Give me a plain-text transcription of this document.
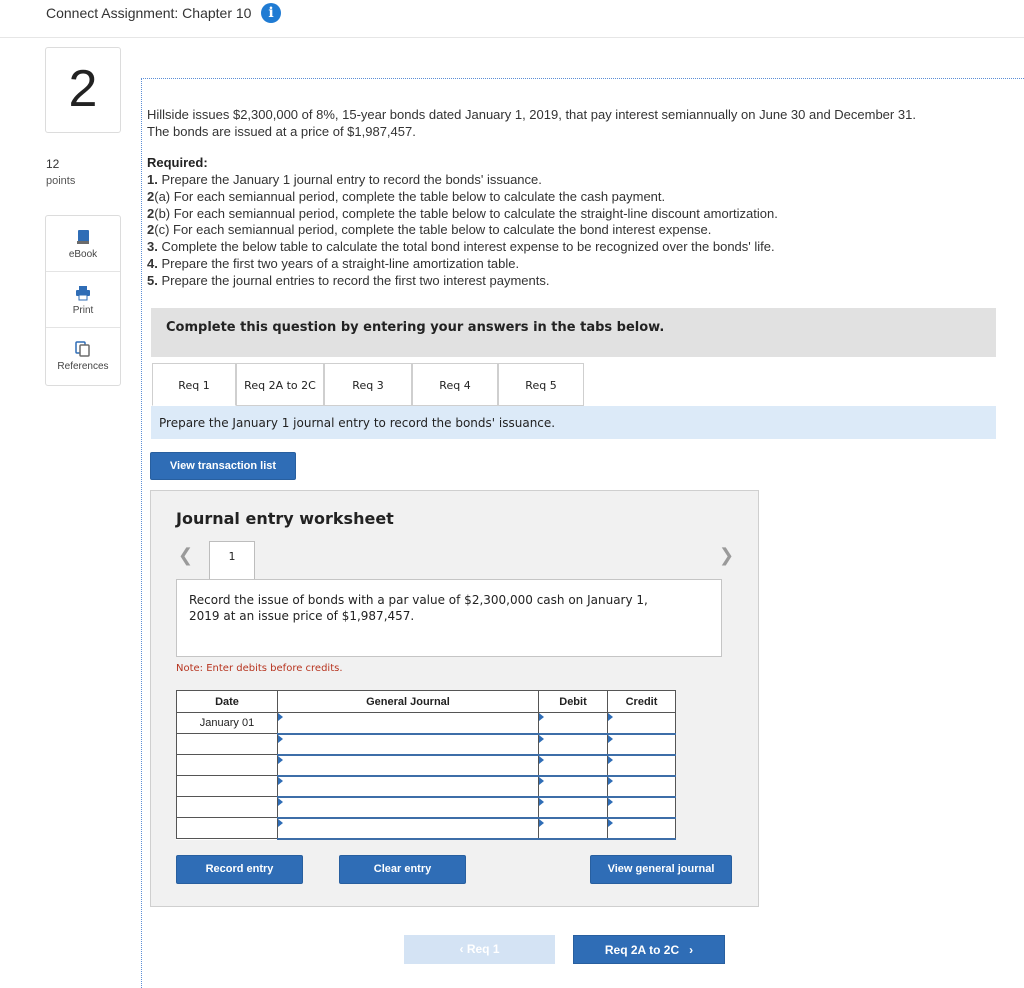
Connect Assignment: Chapter 10	i
2
12
points
eBook
Print
References
Hillside issues $2,300,000 of 8%, 15-year bonds dated January 1, 2019, that pay interest semiannually on June 30 and December 31.
The bonds are issued at a price of $1,987,457.
Required:
1. Prepare the January 1 journal entry to record the bonds' issuance.
2(a) For each semiannual period, complete the table below to calculate the cash payment.
2(b) For each semiannual period, complete the table below to calculate the straight-line discount amortization.
2(c) For each semiannual period, complete the table below to calculate the bond interest expense.
3. Complete the below table to calculate the total bond interest expense to be recognized over the bonds' life.
4. Prepare the first two years of a straight-line amortization table.
5. Prepare the journal entries to record the first two interest payments.
Complete this question by entering your answers in the tabs below.
Req 1	Req 2A to 2C	Req 3	Req 4	Req 5
Prepare the January 1 journal entry to record the bonds' issuance.
View transaction list
Journal entry worksheet
❮	❯
1
Record the issue of bonds with a par value of $2,300,000 cash on January 1,
2019 at an issue price of $1,987,457.
Note: Enter debits before credits.
Date	General Journal	Debit	Credit
January 01	

Record entry	Clear entry	View general journal
‹ Req 1	Req 2A to 2C   ›
